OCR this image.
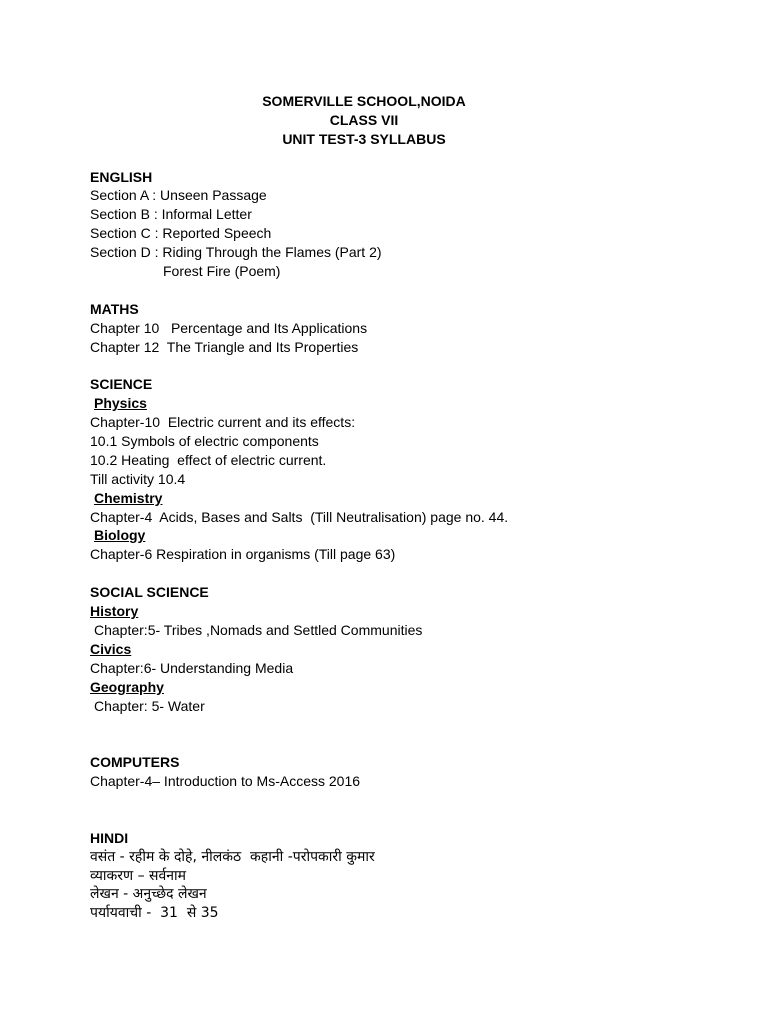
SOMERVILLE SCHOOL,NOIDA
CLASS VII
UNIT TEST-3 SYLLABUS
ENGLISH
Section A : Unseen Passage
Section B : Informal Letter
Section C : Reported Speech
Section D : Riding Through the Flames (Part 2)
Forest Fire (Poem)
MATHS
Chapter 10   Percentage and Its Applications
Chapter 12  The Triangle and Its Properties
SCIENCE
Physics
Chapter-10  Electric current and its effects:
10.1 Symbols of electric components
10.2 Heating  effect of electric current.
Till activity 10.4
Chemistry
Chapter-4  Acids, Bases and Salts  (Till Neutralisation) page no. 44.
Biology
Chapter-6 Respiration in organisms (Till page 63)
SOCIAL SCIENCE
History
Chapter:5- Tribes ,Nomads and Settled Communities
Civics
Chapter:6- Understanding Media
Geography
Chapter: 5- Water
COMPUTERS
Chapter-4– Introduction to Ms-Access 2016
HINDI
वसंत - रहीम के दोहे, नीलकंठ  कहानी -परोपकारी कुमार
व्याकरण – सर्वनाम
लेखन - अनुच्छेद लेखन
पर्यायवाची -  31  से 35
